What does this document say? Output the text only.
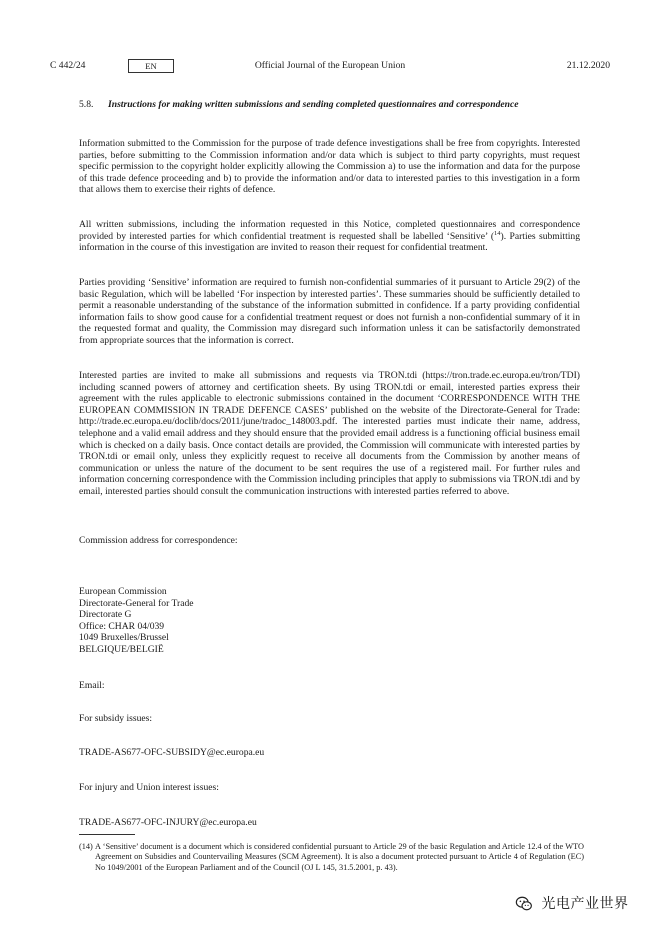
C 442/24	EN	Official Journal of the European Union	21.12.2020
5.8. Instructions for making written submissions and sending completed questionnaires and correspondence

Information submitted to the Commission for the purpose of trade defence investigations shall be free from copyrights. Interested parties, before submitting to the Commission information and/or data which is subject to third party copyrights, must request specific permission to the copyright holder explicitly allowing the Commission a) to use the information and data for the purpose of this trade defence proceeding and b) to provide the information and/or data to interested parties to this investigation in a form that allows them to exercise their rights of defence.

All written submissions, including the information requested in this Notice, completed questionnaires and correspondence provided by interested parties for which confidential treatment is requested shall be labelled ‘Sensitive’ ($^{14}$). Parties submitting information in the course of this investigation are invited to reason their request for confidential treatment.

Parties providing ‘Sensitive’ information are required to furnish non-confidential summaries of it pursuant to Article 29(2) of the basic Regulation, which will be labelled ‘For inspection by interested parties’. These summaries should be sufficiently detailed to permit a reasonable understanding of the substance of the information submitted in confidence. If a party providing confidential information fails to show good cause for a confidential treatment request or does not furnish a non-confidential summary of it in the requested format and quality, the Commission may disregard such information unless it can be satisfactorily demonstrated from appropriate sources that the information is correct.

Interested parties are invited to make all submissions and requests via TRON.tdi (https://tron.trade.ec.europa.eu/tron/TDI) including scanned powers of attorney and certification sheets. By using TRON.tdi or email, interested parties express their agreement with the rules applicable to electronic submissions contained in the document ‘CORRESPONDENCE WITH THE EUROPEAN COMMISSION IN TRADE DEFENCE CASES’ published on the website of the Directorate-General for Trade: http://trade.ec.europa.eu/doclib/docs/2011/june/tradoc_148003.pdf. The interested parties must indicate their name, address, telephone and a valid email address and they should ensure that the provided email address is a functioning official business email which is checked on a daily basis. Once contact details are provided, the Commission will communicate with interested parties by TRON.tdi or email only, unless they explicitly request to receive all documents from the Commission by another means of communication or unless the nature of the document to be sent requires the use of a registered mail. For further rules and information concerning correspondence with the Commission including principles that apply to submissions via TRON.tdi and by email, interested parties should consult the communication instructions with interested parties referred to above.

Commission address for correspondence:
European Commission
Directorate-General for Trade
Directorate G
Office: CHAR 04/039
1049 Bruxelles/Brussel
BELGIQUE/BELGIË
Email:
For subsidy issues:
TRADE-AS677-OFC-SUBSIDY@ec.europa.eu
For injury and Union interest issues:
TRADE-AS677-OFC-INJURY@ec.europa.eu
(14) A ‘Sensitive’ document is a document which is considered confidential pursuant to Article 29 of the basic Regulation and Article 12.4 of the WTO Agreement on Subsidies and Countervailing Measures (SCM Agreement). It is also a document protected pursuant to Article 4 of Regulation (EC) No 1049/2001 of the European Parliament and of the Council (OJ L 145, 31.5.2001, p. 43).
光电产业世界
